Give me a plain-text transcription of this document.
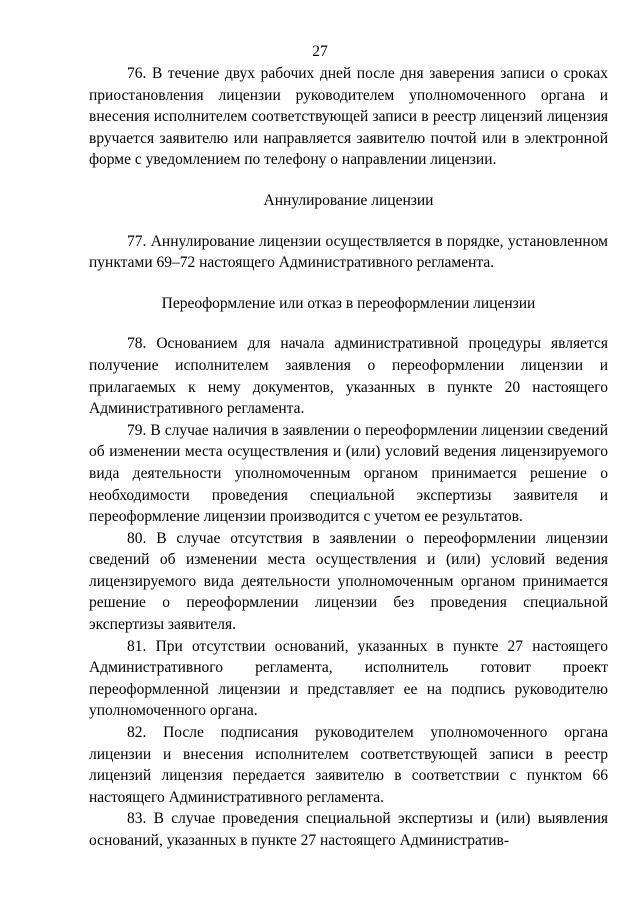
27

76. В течение двух рабочих дней после дня заверения записи о сроках приостановления лицензии руководителем уполномоченного органа и внесения исполнителем соответствующей записи в реестр лицензий лицензия вручается заявителю или направляется заявителю почтой или в электронной форме с уведомлением по телефону о направлении лицензии.

Аннулирование лицензии

77. Аннулирование лицензии осуществляется в порядке, установленном пунктами 69–72 настоящего Административного регламента.

Переоформление или отказ в переоформлении лицензии

78. Основанием для начала административной процедуры является получение исполнителем заявления о переоформлении лицензии и прилагаемых к нему документов, указанных в пункте 20 настоящего Административного регламента.

79. В случае наличия в заявлении о переоформлении лицензии сведений об изменении места осуществления и (или) условий ведения лицензируемого вида деятельности уполномоченным органом принимается решение о необходимости проведения специальной экспертизы заявителя и переоформление лицензии производится с учетом ее результатов.

80. В случае отсутствия в заявлении о переоформлении лицензии сведений об изменении места осуществления и (или) условий ведения лицензируемого вида деятельности уполномоченным органом принимается решение о переоформлении лицензии без проведения специальной экспертизы заявителя.

81. При отсутствии оснований, указанных в пункте 27 настоящего Административного регламента, исполнитель готовит проект переоформленной лицензии и представляет ее на подпись руководителю уполномоченного органа.

82. После подписания руководителем уполномоченного органа лицензии и внесения исполнителем соответствующей записи в реестр лицензий лицензия передается заявителю в соответствии с пунктом 66 настоящего Административного регламента.

83. В случае проведения специальной экспертизы и (или) выявления оснований, указанных в пункте 27 настоящего Административ-
